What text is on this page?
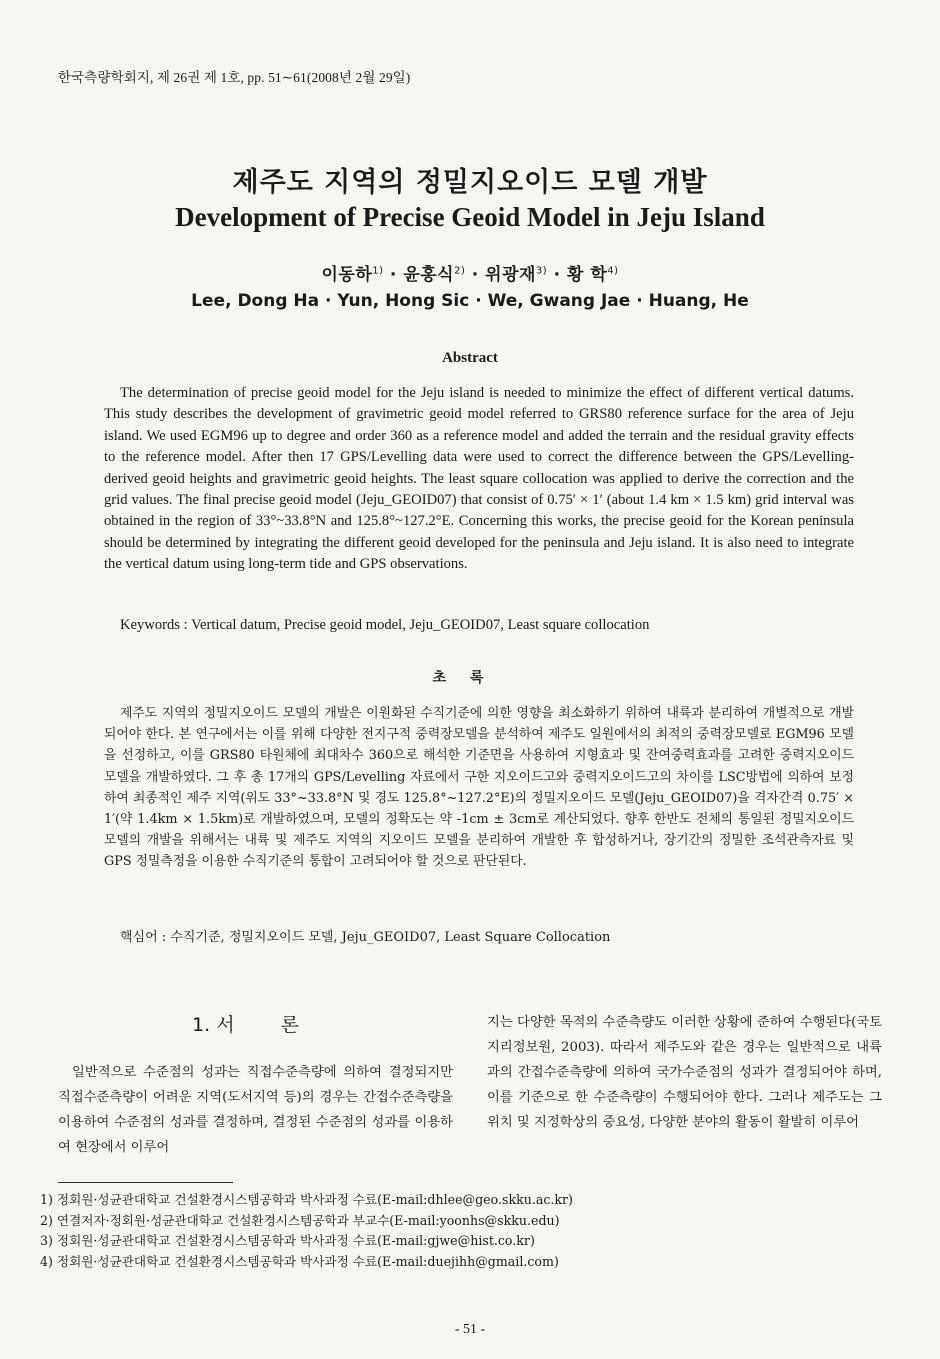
한국측량학회지, 제 26권 제 1호, pp. 51∼61(2008년 2월 29일)
제주도 지역의 정밀지오이드 모델 개발
Development of Precise Geoid Model in Jeju Island
이동하$^{1)}$ · 윤홍식$^{2)}$ · 위광재$^{3)}$ · 황 학$^{4)}$
Lee, Dong Ha · Yun, Hong Sic · We, Gwang Jae · Huang, He
Abstract

The determination of precise geoid model for the Jeju island is needed to minimize the effect of different vertical datums. This study describes the development of gravimetric geoid model referred to GRS80 reference surface for the area of Jeju island. We used EGM96 up to degree and order 360 as a reference model and added the terrain and the residual gravity effects to the reference model. After then 17 GPS/Levelling data were used to correct the difference between the GPS/Levelling-derived geoid heights and gravimetric geoid heights. The least square collocation was applied to derive the correction and the grid values. The final precise geoid model (Jeju_GEOID07) that consist of 0.75′ × 1′ (about 1.4 km × 1.5 km) grid interval was obtained in the region of 33°~33.8°N and 125.8°~127.2°E. Concerning this works, the precise geoid for the Korean peninsula should be determined by integrating the different geoid developed for the peninsula and Jeju island. It is also need to integrate the vertical datum using long-term tide and GPS observations.

Keywords : Vertical datum, Precise geoid model, Jeju_GEOID07, Least square collocation
초록

제주도 지역의 정밀지오이드 모델의 개발은 이원화된 수직기준에 의한 영향을 최소화하기 위하여 내륙과 분리하여 개별적으로 개발되어야 한다. 본 연구에서는 이를 위해 다양한 전지구적 중력장모델을 분석하여 제주도 일원에서의 최적의 중력장모델로 EGM96 모델을 선정하고, 이를 GRS80 타원체에 최대차수 360으로 해석한 기준면을 사용하여 지형효과 및 잔여중력효과를 고려한 중력지오이드 모델을 개발하였다. 그 후 총 17개의 GPS/Levelling 자료에서 구한 지오이드고와 중력지오이드고의 차이를 LSC방법에 의하여 보정하여 최종적인 제주 지역(위도 33°~33.8°N 및 경도 125.8°~127.2°E)의 정밀지오이드 모델(Jeju_GEOID07)을 격자간격 0.75′ × 1′(약 1.4km × 1.5km)로 개발하였으며, 모델의 정확도는 약 -1cm ± 3cm로 계산되었다. 향후 한반도 전체의 통일된 정밀지오이드 모델의 개발을 위해서는 내륙 및 제주도 지역의 지오이드 모델을 분리하여 개발한 후 합성하거나, 장기간의 정밀한 조석관측자료 및 GPS 정밀측정을 이용한 수직기준의 통합이 고려되어야 할 것으로 판단된다.

핵심어 : 수직기준, 정밀지오이드 모델, Jeju_GEOID07, Least Square Collocation
1. 서 론

일반적으로 수준점의 성과는 직접수준측량에 의하여 결정되지만 직접수준측량이 어려운 지역(도서지역 등)의 경우는 간접수준측량을 이용하여 수준점의 성과를 결정하며, 결정된 수준점의 성과를 이용하여 현장에서 이루어

지는 다양한 목적의 수준측량도 이러한 상황에 준하여 수행된다(국토지리정보원, 2003). 따라서 제주도와 같은 경우는 일반적으로 내륙과의 간접수준측량에 의하여 국가수준점의 성과가 결정되어야 하며, 이를 기준으로 한 수준측량이 수행되어야 한다. 그러나 제주도는 그 위치 및 지정학상의 중요성, 다양한 분야의 활동이 활발히 이루어

1) 정회원·성균관대학교 건설환경시스템공학과 박사과정 수료(E-mail:dhlee@geo.skku.ac.kr)
2) 연결저자·정회원·성균관대학교 건설환경시스템공학과 부교수(E-mail:yoonhs@skku.edu)
3) 정회원·성균관대학교 건설환경시스템공학과 박사과정 수료(E-mail:gjwe@hist.co.kr)
4) 정회원·성균관대학교 건설환경시스템공학과 박사과정 수료(E-mail:duejihh@gmail.com)
- 51 -
